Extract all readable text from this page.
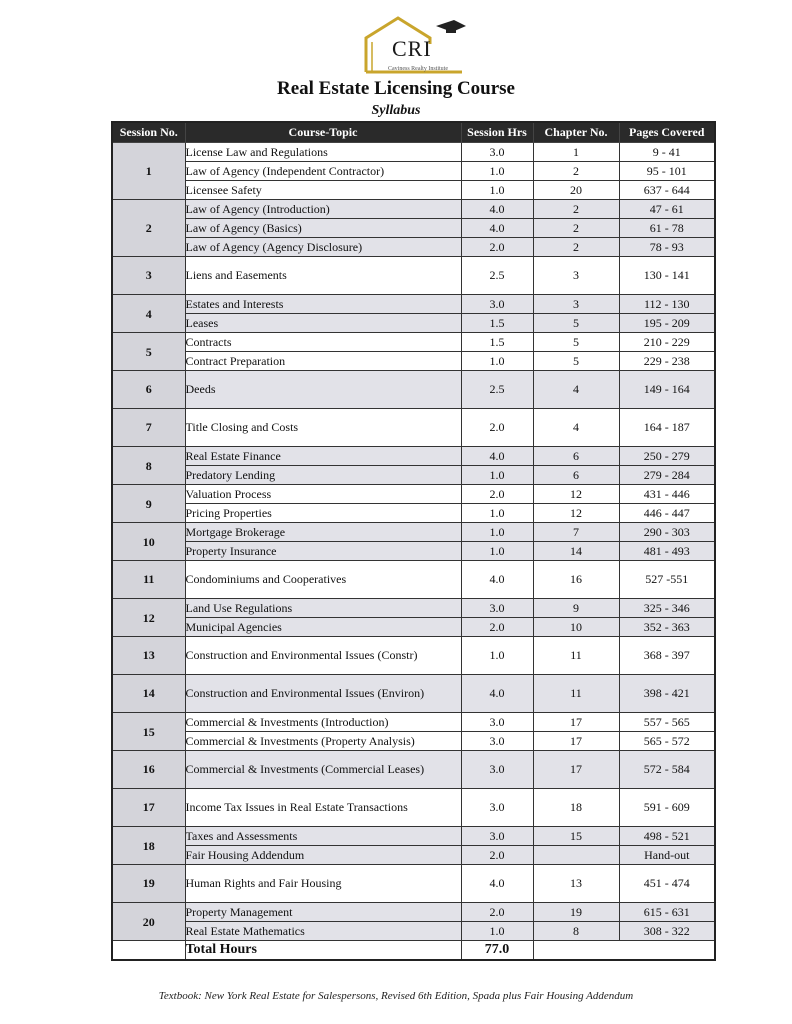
CRI
Caviness Realty Institute
Real Estate Licensing Course
Syllabus
Session No.	Course-Topic	Session Hrs	Chapter No.	Pages Covered
1	License Law and Regulations	3.0	1	9 - 41
	Law of Agency (Independent Contractor)	1.0	2	95 - 101
	Licensee Safety	1.0	20	637 - 644
2	Law of Agency (Introduction)	4.0	2	47 - 61
	Law of Agency (Basics)	4.0	2	61 - 78
	Law of Agency (Agency Disclosure)	2.0	2	78 - 93
3	Liens and Easements	2.5	3	130 - 141
4	Estates and Interests	3.0	3	112 - 130
	Leases	1.5	5	195 - 209
5	Contracts	1.5	5	210 - 229
	Contract Preparation	1.0	5	229 - 238
6	Deeds	2.5	4	149 - 164
7	Title Closing and Costs	2.0	4	164 - 187
8	Real Estate Finance	4.0	6	250 - 279
	Predatory Lending	1.0	6	279 - 284
9	Valuation Process	2.0	12	431 - 446
	Pricing Properties	1.0	12	446 - 447
10	Mortgage Brokerage	1.0	7	290 - 303
	Property Insurance	1.0	14	481 - 493
11	Condominiums and Cooperatives	4.0	16	527 -551
12	Land Use Regulations	3.0	9	325 - 346
	Municipal Agencies	2.0	10	352 - 363
13	Construction and Environmental Issues (Constr)	1.0	11	368 - 397
14	Construction and Environmental Issues (Environ)	4.0	11	398 - 421
15	Commercial & Investments (Introduction)	3.0	17	557 - 565
	Commercial & Investments (Property Analysis)	3.0	17	565 - 572
16	Commercial & Investments (Commercial Leases)	3.0	17	572 - 584
17	Income Tax Issues in Real Estate Transactions	3.0	18	591 - 609
18	Taxes and Assessments	3.0	15	498 - 521
	Fair Housing Addendum	2.0		Hand-out
19	Human Rights and Fair Housing	4.0	13	451 - 474
20	Property Management	2.0	19	615 - 631
	Real Estate Mathematics	1.0	8	308 - 322
	Total Hours	77.0		
Textbook: New York Real Estate for Salespersons, Revised 6th Edition, Spada plus Fair Housing Addendum
